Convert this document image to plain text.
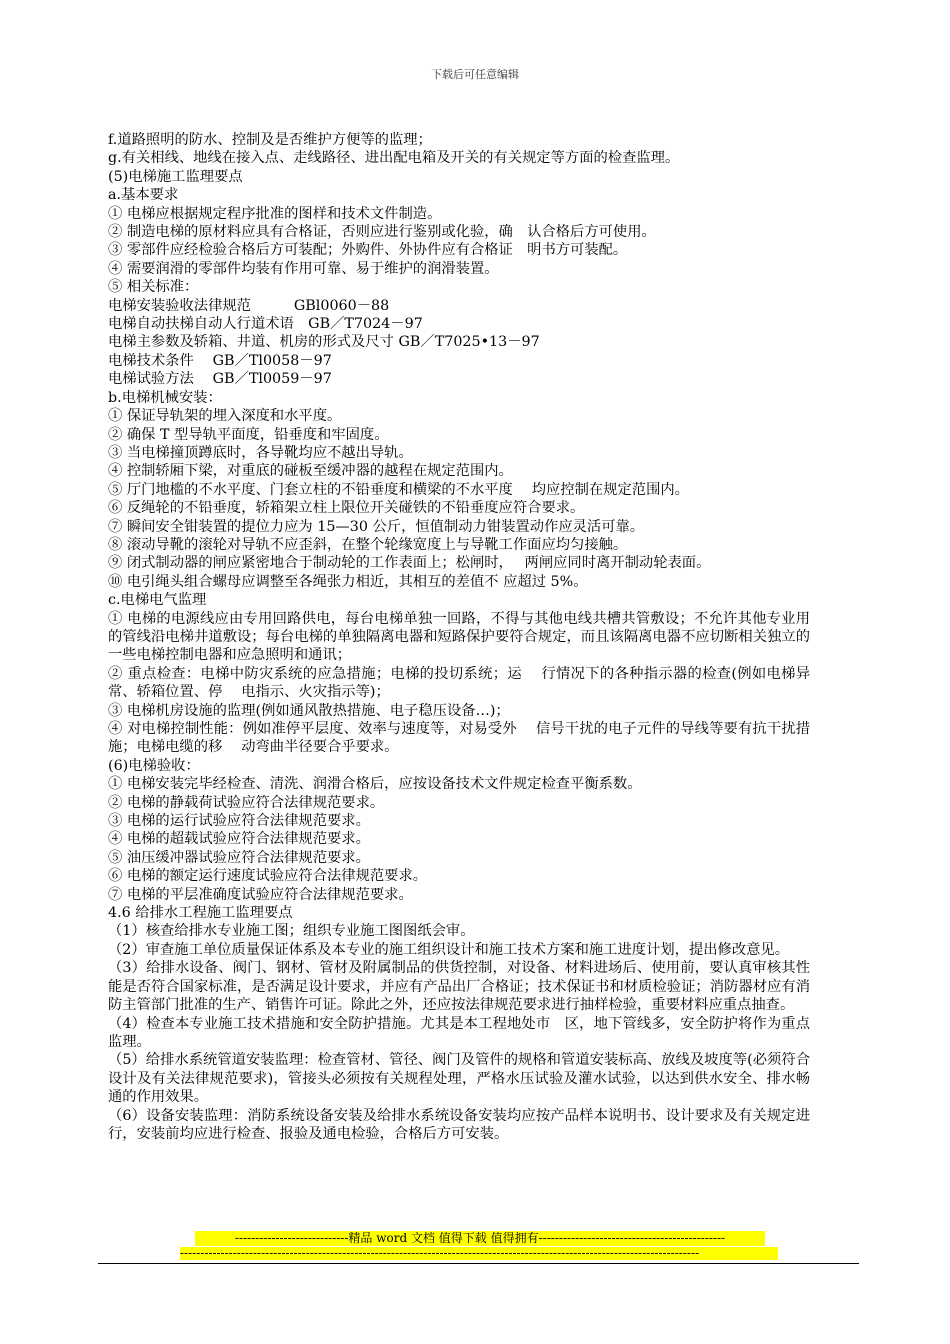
下载后可任意编辑
f.道路照明的防水、控制及是否维护方便等的监理；
g.有关相线、地线在接入点、走线路径、进出配电箱及开关的有关规定等方面的检查监理。
(5)电梯施工监理要点
a.基本要求
① 电梯应根据规定程序批准的图样和技术文件制造。
② 制造电梯的原材料应具有合格证，否则应进行鉴别或化验，确　认合格后方可使用。
③ 零部件应经检验合格后方可装配；外购件、外协件应有合格证　明书方可装配。
④ 需要润滑的零部件均装有作用可靠、易于维护的润滑装置。
⑤ 相关标准：
电梯安装验收法律规范　　　GBl0060－88
电梯自动扶梯自动人行道术语　GB／T7024－97
电梯主参数及轿箱、井道、机房的形式及尺寸 GB／T7025•13－97
电梯技术条件　 GB／Tl0058－97
电梯试验方法　 GB／Tl0059－97
b.电梯机械安装：
① 保证导轨架的埋入深度和水平度。
② 确保 T 型导轨平面度，铅垂度和牢固度。
③ 当电梯撞顶蹲底时，各导靴均应不越出导轨。
④ 控制轿厢下梁，对重底的碰板至缓冲器的越程在规定范围内。
⑤ 厅门地槛的不水平度、门套立柱的不铅垂度和横梁的不水平度　 均应控制在规定范围内。
⑥ 反绳轮的不铅垂度，轿箱架立柱上限位开关碰铁的不铅垂度应符合要求。
⑦ 瞬间安全钳装置的提位力应为 15—30 公斤，恒值制动力钳装置动作应灵活可靠。
⑧ 滚动导靴的滚轮对导轨不应歪斜，在整个轮缘宽度上与导靴工作面应均匀接触。
⑨ 闭式制动器的闸应紧密地合于制动轮的工作表面上；松闸时，　 两闸应同时离开制动轮表面。
⑩ 电引绳头组合螺母应调整至各绳张力相近，其相互的差值不 应超过 5%。
c.电梯电气监理
① 电梯的电源线应由专用回路供电，每台电梯单独一回路，不得与其他电线共槽共管敷设；不允许其他专业用的管线沿电梯井道敷设；每台电梯的单独隔离电器和短路保护要符合规定，而且该隔离电器不应切断相关独立的一些电梯控制电器和应急照明和通讯；
② 重点检查：电梯中防灾系统的应急措施；电梯的投切系统；运　 行情况下的各种指示器的检查(例如电梯异常、轿箱位置、停　 电指示、火灾指示等)；
③ 电梯机房设施的监理(例如通风散热措施、电子稳压设备…)；
④ 对电梯控制性能：例如准停平层度、效率与速度等，对易受外　 信号干扰的电子元件的导线等要有抗干扰措施；电梯电缆的移　 动弯曲半径要合乎要求。
(6)电梯验收：
① 电梯安装完毕经检查、清洗、润滑合格后，应按设备技术文件规定检查平衡系数。
② 电梯的静载荷试验应符合法律规范要求。
③ 电梯的运行试验应符合法律规范要求。
④ 电梯的超载试验应符合法律规范要求。
⑤ 油压缓冲器试验应符合法律规范要求。
⑥ 电梯的额定运行速度试验应符合法律规范要求。
⑦ 电梯的平层准确度试验应符合法律规范要求。
4.6 给排水工程施工监理要点
（1）核查给排水专业施工图；组织专业施工图图纸会审。
（2）审查施工单位质量保证体系及本专业的施工组织设计和施工技术方案和施工进度计划，提出修改意见。
（3）给排水设备、阀门、钢材、管材及附属制品的供货控制，对设备、材料进场后、使用前，要认真审核其性能是否符合国家标准，是否满足设计要求，并应有产品出厂合格证；技术保证书和材质检验证；消防器材应有消防主管部门批准的生产、销售许可证。除此之外，还应按法律规范要求进行抽样检验，重要材料应重点抽查。
（4）检查本专业施工技术措施和安全防护措施。尤其是本工程地处市　区，地下管线多，安全防护将作为重点监理。
（5）给排水系统管道安装监理：检查管材、管径、阀门及管件的规格和管道安装标高、放线及坡度等(必须符合设计及有关法律规范要求)，管接头必须按有关规程处理，严格水压试验及灌水试验，以达到供水安全、排水畅通的作用效果。
（6）设备安装监理：消防系统设备安装及给排水系统设备安装均应按产品样本说明书、设计要求及有关规定进行，安装前均应进行检查、报验及通电检验，合格后方可安装。
----------------------------精品 word 文档 值得下载 值得拥有----------------------------------------------
--------------------------------------------------------------------------------------------------------------------------------
